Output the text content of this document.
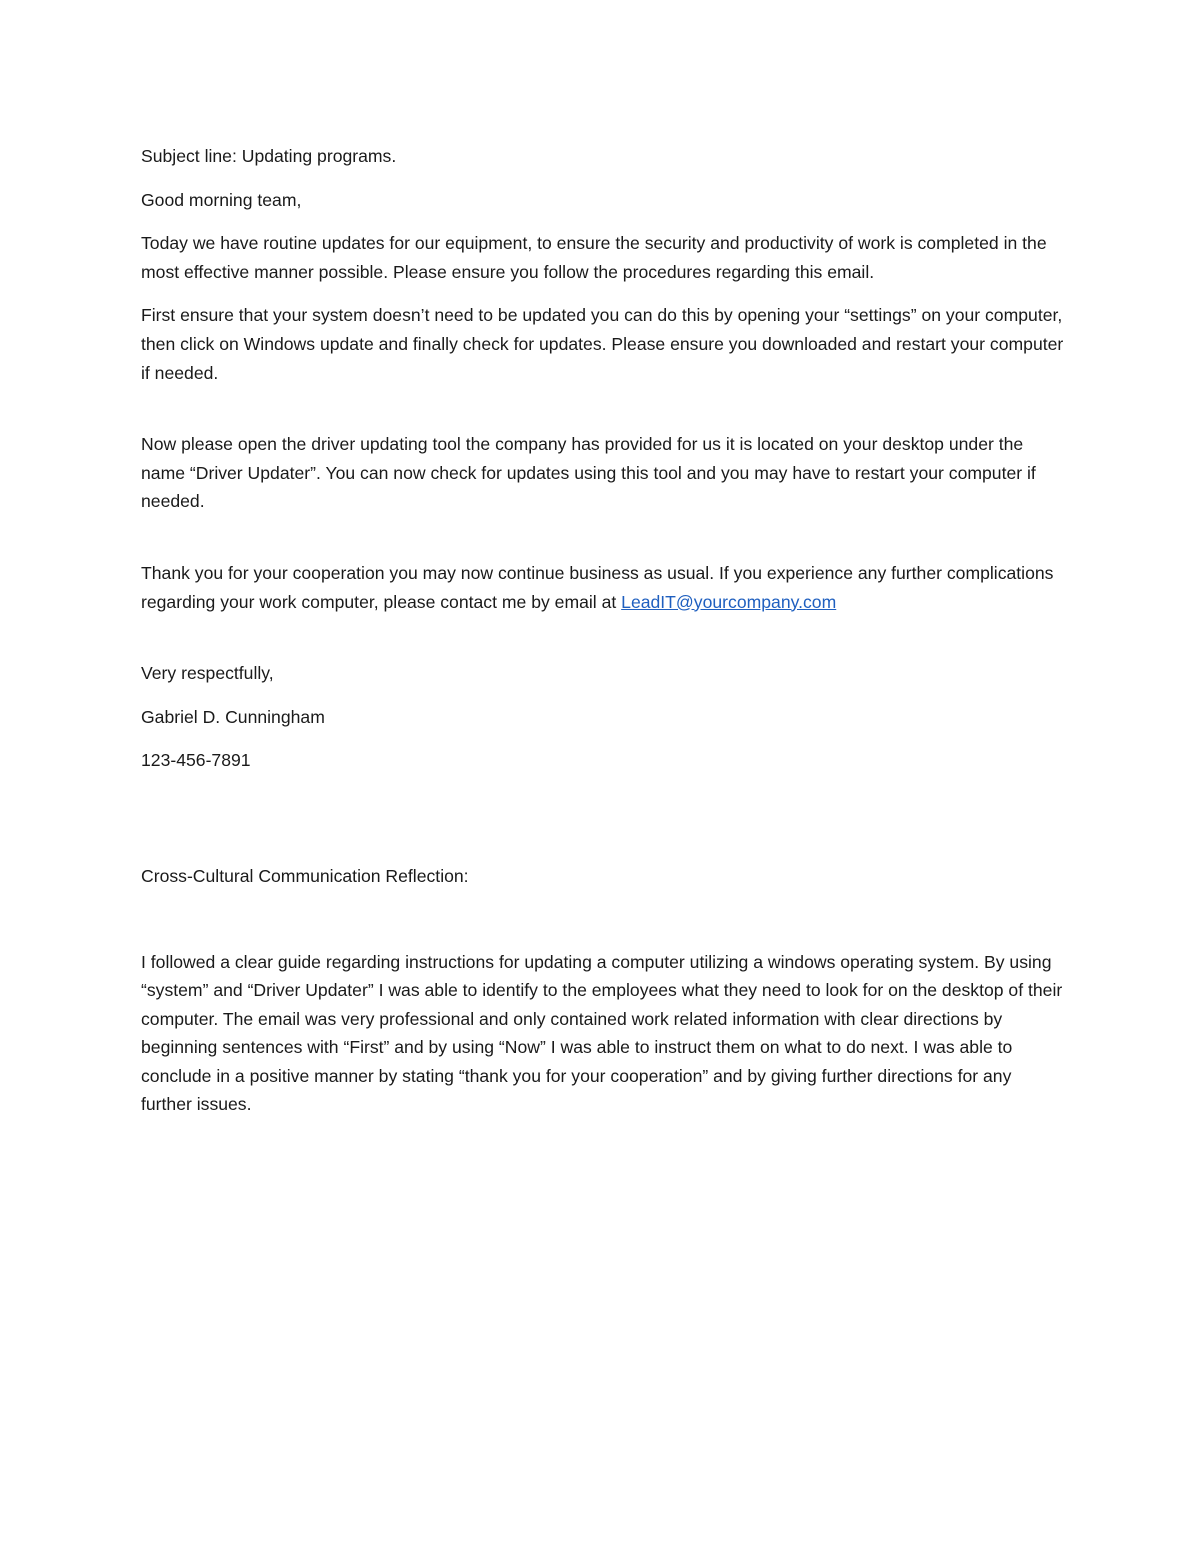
Subject line: Updating programs.

Good morning team,

Today we have routine updates for our equipment, to ensure the security and productivity of work is completed in the most effective manner possible. Please ensure you follow the procedures regarding this email.

First ensure that your system doesn’t need to be updated you can do this by opening your “settings” on your computer, then click on Windows update and finally check for updates. Please ensure you downloaded and restart your computer if needed.

Now please open the driver updating tool the company has provided for us it is located on your desktop under the name “Driver Updater”. You can now check for updates using this tool and you may have to restart your computer if needed.

Thank you for your cooperation you may now continue business as usual. If you experience any further complications regarding your work computer, please contact me by email at LeadIT@yourcompany.com

Very respectfully,

Gabriel D. Cunningham

123-456-7891

Cross-Cultural Communication Reflection:

I followed a clear guide regarding instructions for updating a computer utilizing a windows operating system. By using “system” and “Driver Updater” I was able to identify to the employees what they need to look for on the desktop of their computer. The email was very professional and only contained work related information with clear directions by beginning sentences with “First” and by using “Now” I was able to instruct them on what to do next. I was able to conclude in a positive manner by stating “thank you for your cooperation” and by giving further directions for any further issues.
